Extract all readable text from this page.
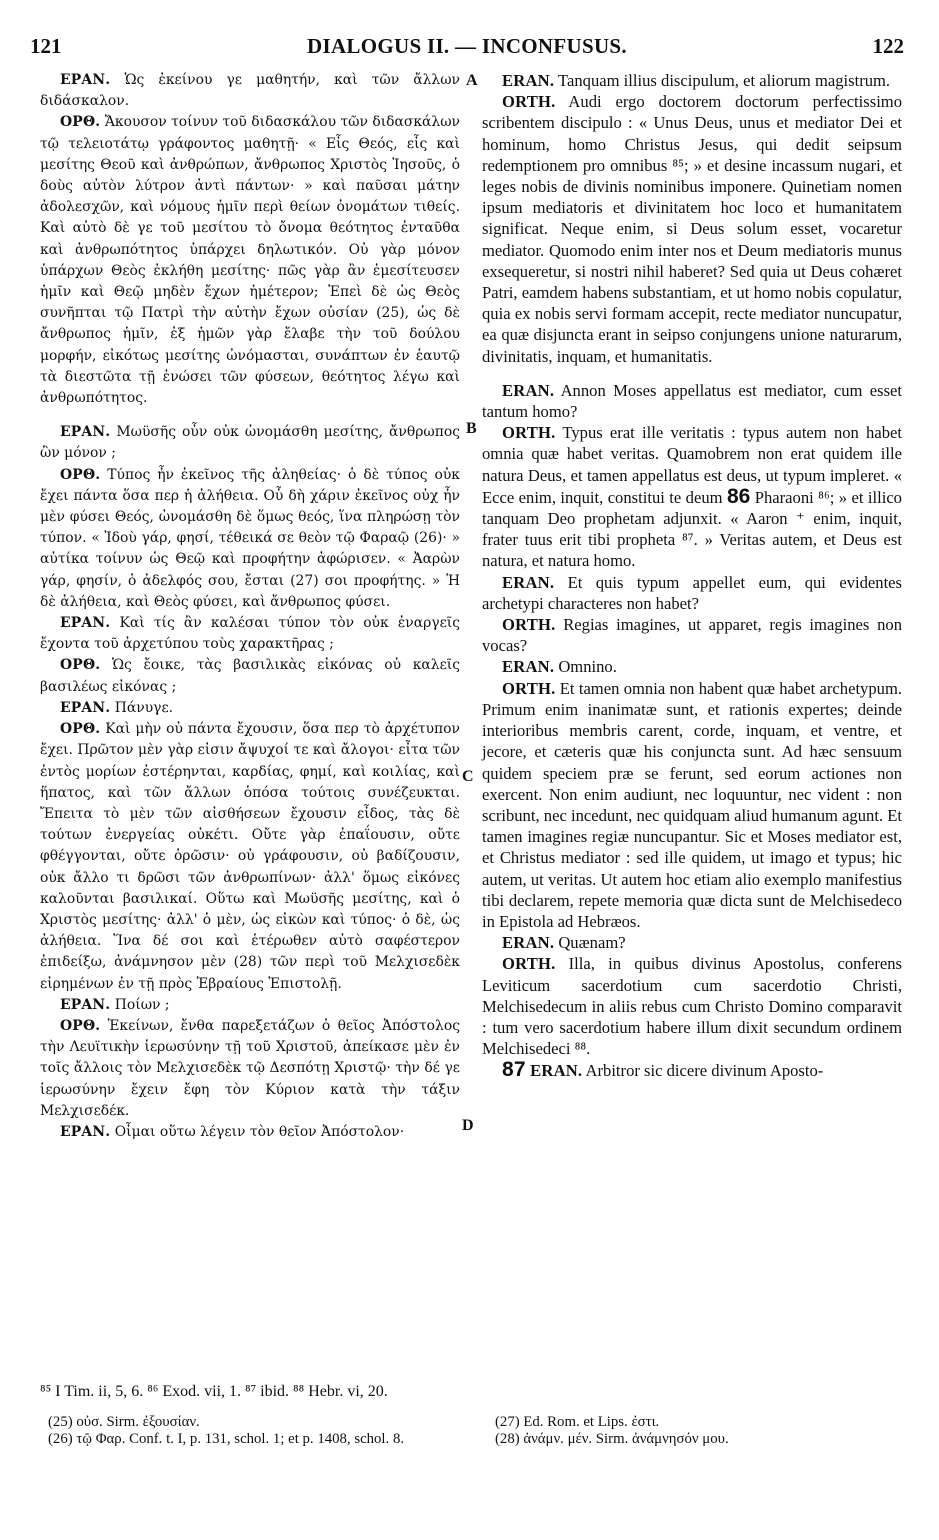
121	DIALOGUS II. — INCONFUSUS.	122

ΕΡΑΝ. Ὡς ἐκείνου γε μαθητήν, καὶ τῶν ἄλλων διδάσκαλον.

ΟΡΘ. Ἄκουσον τοίνυν τοῦ διδασκάλου τῶν διδασκάλων τῷ τελειοτάτῳ γράφοντος μαθητῇ· « Εἷς Θεός, εἷς καὶ μεσίτης Θεοῦ καὶ ἀνθρώπων, ἄνθρωπος Χριστὸς Ἰησοῦς, ὁ δοὺς αὐτὸν λύτρον ἀντὶ πάντων· » καὶ παῦσαι μάτην ἀδολεσχῶν, καὶ νόμους ἡμῖν περὶ θείων ὀνομάτων τιθείς. Καὶ αὐτὸ δὲ γε τοῦ μεσίτου τὸ ὄνομα θεότητος ἐνταῦθα καὶ ἀνθρωπότητος ὑπάρχει δηλωτικόν. Οὐ γὰρ μόνον ὑπάρχων Θεὸς ἐκλήθη μεσίτης· πῶς γὰρ ἂν ἐμεσίτευσεν ἡμῖν καὶ Θεῷ μηδὲν ἔχων ἡμέτερον; Ἐπεὶ δὲ ὡς Θεὸς συνῆπται τῷ Πατρὶ τὴν αὐτὴν ἔχων οὐσίαν (25), ὡς δὲ ἄνθρωπος ἡμῖν, ἐξ ἡμῶν γὰρ ἔλαβε τὴν τοῦ δούλου μορφήν, εἰκότως μεσίτης ὠνόμασται, συνάπτων ἐν ἑαυτῷ τὰ διεστῶτα τῇ ἑνώσει τῶν φύσεων, θεότητος λέγω καὶ ἀνθρωπότητος.

ΕΡΑΝ. Μωϋσῆς οὖν οὐκ ὠνομάσθη μεσίτης, ἄνθρωπος ὢν μόνον ;

ΟΡΘ. Τύπος ἦν ἐκεῖνος τῆς ἀληθείας· ὁ δὲ τύπος οὐκ ἔχει πάντα ὅσα περ ἡ ἀλήθεια. Οὗ δὴ χάριν ἐκεῖνος οὐχ ἦν μὲν φύσει Θεός, ὠνομάσθη δὲ ὅμως θεός, ἵνα πληρώσῃ τὸν τύπον. « Ἰδοὺ γάρ, φησί, τέθεικά σε θεὸν τῷ Φαραῷ (26)· » αὐτίκα τοίνυν ὡς Θεῷ καὶ προφήτην ἀφώρισεν. « Ἀαρὼν γάρ, φησίν, ὁ ἀδελφός σου, ἔσται (27) σοι προφήτης. » Ἡ δὲ ἀλήθεια, καὶ Θεὸς φύσει, καὶ ἄνθρωπος φύσει.

ΕΡΑΝ. Καὶ τίς ἂν καλέσαι τύπον τὸν οὐκ ἐναργεῖς ἔχοντα τοῦ ἀρχετύπου τοὺς χαρακτῆρας ;

ΟΡΘ. Ὡς ἔοικε, τὰς βασιλικὰς εἰκόνας οὐ καλεῖς βασιλέως εἰκόνας ;

ΕΡΑΝ. Πάνυγε.

ΟΡΘ. Καὶ μὴν οὐ πάντα ἔχουσιν, ὅσα περ τὸ ἀρχέτυπον ἔχει. Πρῶτον μὲν γὰρ εἰσιν ἄψυχοί τε καὶ ἄλογοι· εἶτα τῶν ἐντὸς μορίων ἐστέρηνται, καρδίας, φημί, καὶ κοιλίας, καὶ ἥπατος, καὶ τῶν ἄλλων ὁπόσα τούτοις συνέζευκται. Ἔπειτα τὸ μὲν τῶν αἰσθήσεων ἔχουσιν εἶδος, τὰς δὲ τούτων ἐνεργείας οὐκέτι. Οὔτε γὰρ ἐπαΐουσιν, οὔτε φθέγγονται, οὔτε ὁρῶσιν· οὐ γράφουσιν, οὐ βαδίζουσιν, οὐκ ἄλλο τι δρῶσι τῶν ἀνθρωπίνων· ἀλλ' ὅμως εἰκόνες καλοῦνται βασιλικαί. Οὕτω καὶ Μωϋσῆς μεσίτης, καὶ ὁ Χριστὸς μεσίτης· ἀλλ' ὁ μὲν, ὡς εἰκὼν καὶ τύπος· ὁ δὲ, ὡς ἀλήθεια. Ἵνα δέ σοι καὶ ἑτέρωθεν αὐτὸ σαφέστερον ἐπιδείξω, ἀνάμνησον μὲν (28) τῶν περὶ τοῦ Μελχισεδὲκ εἰρημένων ἐν τῇ πρὸς Ἑβραίους Ἐπιστολῇ.

ΕΡΑΝ. Ποίων ;

ΟΡΘ. Ἐκείνων, ἔνθα παρεξετάζων ὁ θεῖος Ἀπόστολος τὴν Λευϊτικὴν ἱερωσύνην τῇ τοῦ Χριστοῦ, ἀπείκασε μὲν ἐν τοῖς ἄλλοις τὸν Μελχισεδὲκ τῷ Δεσπότῃ Χριστῷ· τὴν δέ γε ἱερωσύνην ἔχειν ἔφη τὸν Κύριον κατὰ τὴν τάξιν Μελχισεδέκ.

ΕΡΑΝ. Οἶμαι οὕτω λέγειν τὸν θεῖον Ἀπόστολον·

A
B
C
D

ERAN. Tanquam illius discipulum, et aliorum magistrum.

ORTH. Audi ergo doctorem doctorum perfectissimo scribentem discipulo : « Unus Deus, unus et mediator Dei et hominum, homo Christus Jesus, qui dedit seipsum redemptionem pro omnibus ⁸⁵; » et desine incassum nugari, et leges nobis de divinis nominibus imponere. Quinetiam nomen ipsum mediatoris et divinitatem hoc loco et humanitatem significat. Neque enim, si Deus solum esset, vocaretur mediator. Quomodo enim inter nos et Deum mediatoris munus exsequeretur, si nostri nihil haberet? Sed quia ut Deus cohæret Patri, eamdem habens substantiam, et ut homo nobis copulatur, quia ex nobis servi formam accepit, recte mediator nuncupatur, ea quæ disjuncta erant in seipso conjungens unione naturarum, divinitatis, inquam, et humanitatis.

ERAN. Annon Moses appellatus est mediator, cum esset tantum homo?

ORTH. Typus erat ille veritatis : typus autem non habet omnia quæ habet veritas. Quamobrem non erat quidem ille natura Deus, et tamen appellatus est deus, ut typum impleret. « Ecce enim, inquit, constitui te deum 86 Pharaoni ⁸⁶; » et illico tanquam Deo prophetam adjunxit. « Aaron ⁺ enim, inquit, frater tuus erit tibi propheta ⁸⁷. » Veritas autem, et Deus est natura, et natura homo.

ERAN. Et quis typum appellet eum, qui evidentes archetypi characteres non habet?

ORTH. Regias imagines, ut apparet, regis imagines non vocas?

ERAN. Omnino.

ORTH. Et tamen omnia non habent quæ habet archetypum. Primum enim inanimatæ sunt, et rationis expertes; deinde interioribus membris carent, corde, inquam, et ventre, et jecore, et cæteris quæ his conjuncta sunt. Ad hæc sensuum quidem speciem præ se ferunt, sed eorum actiones non exercent. Non enim audiunt, nec loquuntur, nec vident : non scribunt, nec incedunt, nec quidquam aliud humanum agunt. Et tamen imagines regiæ nuncupantur. Sic et Moses mediator est, et Christus mediator : sed ille quidem, ut imago et typus; hic autem, ut veritas. Ut autem hoc etiam alio exemplo manifestius tibi declarem, repete memoria quæ dicta sunt de Melchisedeco in Epistola ad Hebræos.

ERAN. Quænam?

ORTH. Illa, in quibus divinus Apostolus, conferens Leviticum sacerdotium cum sacerdotio Christi, Melchisedecum in aliis rebus cum Christo Domino comparavit : tum vero sacerdotium habere illum dixit secundum ordinem Melchisedeci ⁸⁸.

87 ERAN. Arbitror sic dicere divinum Aposto-

⁸⁵ I Tim. ii, 5, 6. ⁸⁶ Exod. vii, 1. ⁸⁷ ibid. ⁸⁸ Hebr. vi, 20.
(25) οὐσ. Sirm. ἐξουσίαν.
(26) τῷ Φαρ. Conf. t. I, p. 131, schol. 1; et p. 1408, schol. 8.
(27) Ed. Rom. et Lips. ἐστι.
(28) ἀνάμν. μέν. Sirm. ἀνάμνησόν μου.
